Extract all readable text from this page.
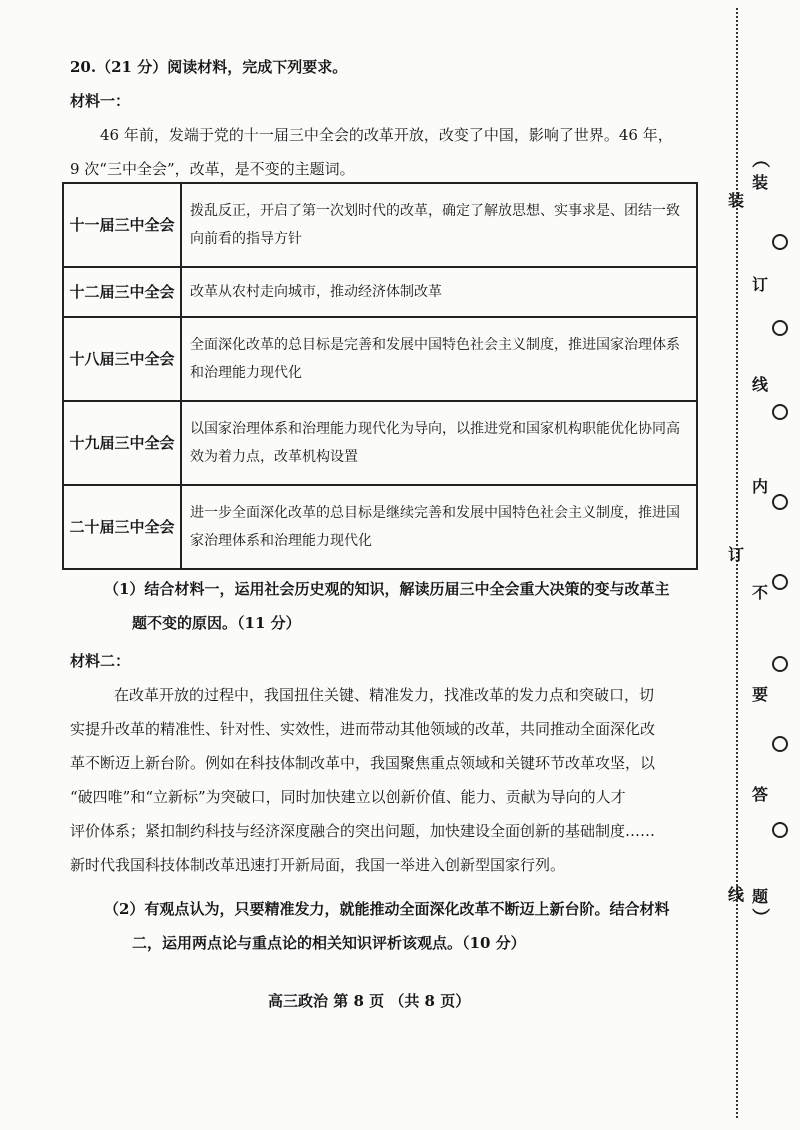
20.（21 分）阅读材料，完成下列要求。
材料一：
46 年前，发端于党的十一届三中全会的改革开放，改变了中国，影响了世界。46 年，
9 次“三中全会”，改革，是不变的主题词。
十一届三中全会	拨乱反正，开启了第一次划时代的改革，确定了解放思想、实事求是、团结一致向前看的指导方针
十二届三中全会	改革从农村走向城市，推动经济体制改革
十八届三中全会	全面深化改革的总目标是完善和发展中国特色社会主义制度，推进国家治理体系和治理能力现代化
十九届三中全会	以国家治理体系和治理能力现代化为导向，以推进党和国家机构职能优化协同高效为着力点，改革机构设置
二十届三中全会	进一步全面深化改革的总目标是继续完善和发展中国特色社会主义制度，推进国家治理体系和治理能力现代化
（1）结合材料一，运用社会历史观的知识，解读历届三中全会重大决策的变与改革主
题不变的原因。（11 分）
材料二：
在改革开放的过程中，我国扭住关键、精准发力，找准改革的发力点和突破口，切
实提升改革的精准性、针对性、实效性，进而带动其他领域的改革，共同推动全面深化改
革不断迈上新台阶。例如在科技体制改革中，我国聚焦重点领域和关键环节改革攻坚，以
“破四唯”和“立新标”为突破口，同时加快建立以创新价值、能力、贡献为导向的人才
评价体系；紧扣制约科技与经济深度融合的突出问题，加快建设全面创新的基础制度……
新时代我国科技体制改革迅速打开新局面，我国一举进入创新型国家行列。
（2）有观点认为，只要精准发力，就能推动全面深化改革不断迈上新台阶。结合材料
二，运用两点论与重点论的相关知识评析该观点。（10 分）
高三政治 第 8 页 （共 8 页）
装
订
线
（
装
订
线
内
不
要
答
题
）
